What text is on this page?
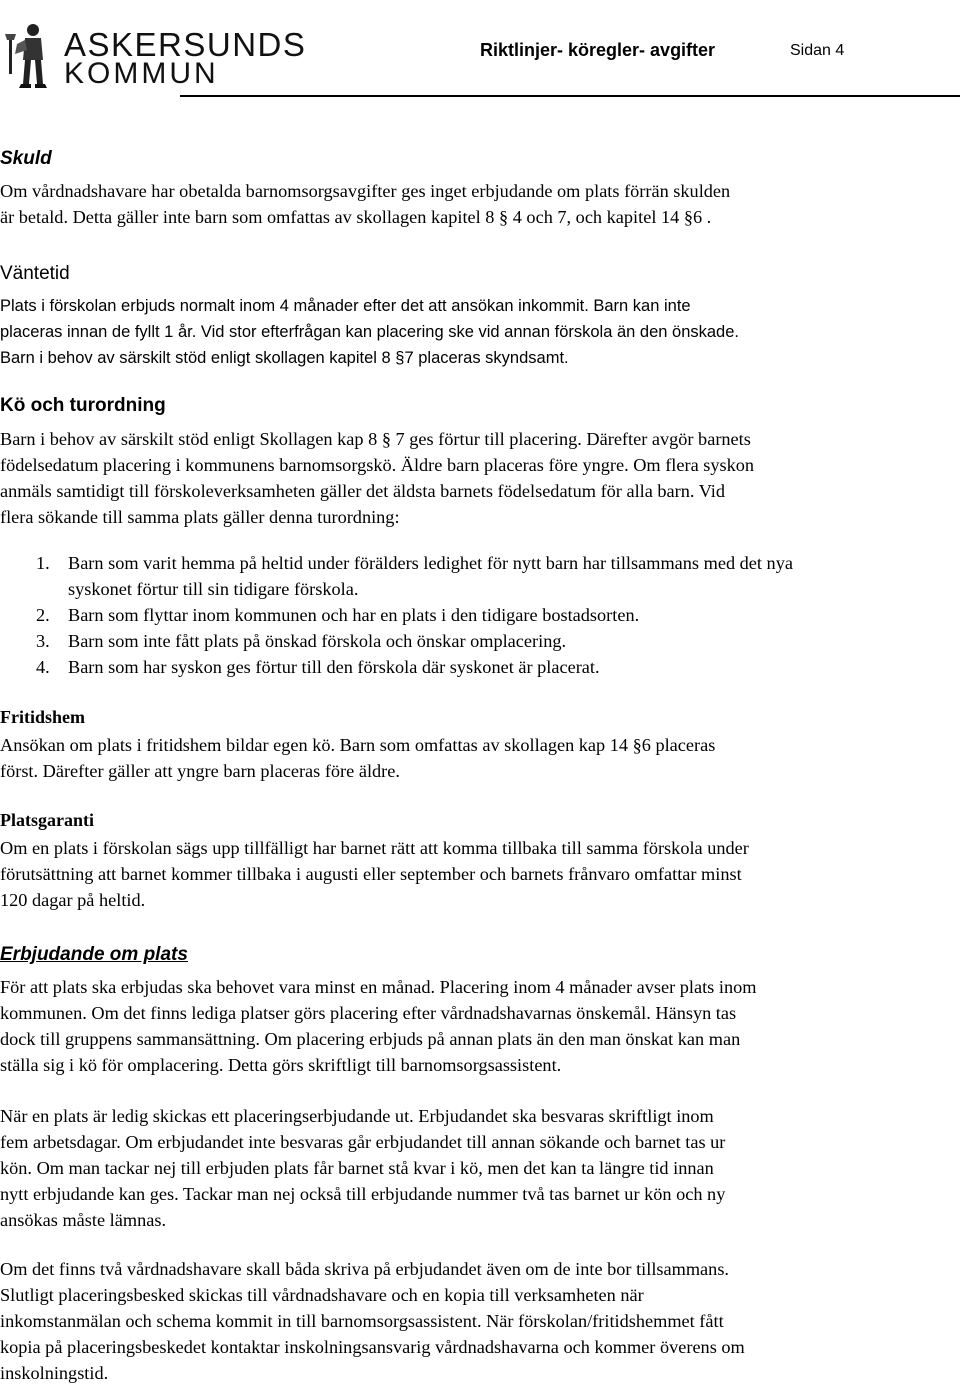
ASKERSUNDS
KOMMUN
Riktlinjer- köregler- avgifter	Sidan 4
Skuld
Om vårdnadshavare har obetalda barnomsorgsavgifter ges inget erbjudande om plats förrän skulden
är betald. Detta gäller inte barn som omfattas av skollagen kapitel 8 § 4 och 7, och kapitel 14 §6 .
Väntetid
Plats i förskolan erbjuds normalt inom 4 månader efter det att ansökan inkommit. Barn kan inte
placeras innan de fyllt 1 år. Vid stor efterfrågan kan placering ske vid annan förskola än den önskade.
Barn i behov av särskilt stöd enligt skollagen kapitel 8 §7 placeras skyndsamt.
Kö och turordning
Barn i behov av särskilt stöd enligt Skollagen kap 8 § 7 ges förtur till placering. Därefter avgör barnets
födelsedatum placering i kommunens barnomsorgskö. Äldre barn placeras före yngre. Om flera syskon
anmäls samtidigt till förskoleverksamheten gäller det äldsta barnets födelsedatum för alla barn. Vid
flera sökande till samma plats gäller denna turordning:
1. Barn som varit hemma på heltid under förälders ledighet för nytt barn har tillsammans med det nya
syskonet förtur till sin tidigare förskola.
2. Barn som flyttar inom kommunen och har en plats i den tidigare bostadsorten.
3. Barn som inte fått plats på önskad förskola och önskar omplacering.
4. Barn som har syskon ges förtur till den förskola där syskonet är placerat.
Fritidshem
Ansökan om plats i fritidshem bildar egen kö. Barn som omfattas av skollagen kap 14 §6 placeras
först. Därefter gäller att yngre barn placeras före äldre.
Platsgaranti
Om en plats i förskolan sägs upp tillfälligt har barnet rätt att komma tillbaka till samma förskola under
förutsättning att barnet kommer tillbaka i augusti eller september och barnets frånvaro omfattar minst
120 dagar på heltid.
Erbjudande om plats
För att plats ska erbjudas ska behovet vara minst en månad. Placering inom 4 månader avser plats inom
kommunen. Om det finns lediga platser görs placering efter vårdnadshavarnas önskemål. Hänsyn tas
dock till gruppens sammansättning. Om placering erbjuds på annan plats än den man önskat kan man
ställa sig i kö för omplacering. Detta görs skriftligt till barnomsorgsassistent.
När en plats är ledig skickas ett placeringserbjudande ut. Erbjudandet ska besvaras skriftligt inom
fem arbetsdagar. Om erbjudandet inte besvaras går erbjudandet till annan sökande och barnet tas ur
kön. Om man tackar nej till erbjuden plats får barnet stå kvar i kö, men det kan ta längre tid innan
nytt erbjudande kan ges. Tackar man nej också till erbjudande nummer två tas barnet ur kön och ny
ansökas måste lämnas.
Om det finns två vårdnadshavare skall båda skriva på erbjudandet även om de inte bor tillsammans.
Slutligt placeringsbesked skickas till vårdnadshavare och en kopia till verksamheten när
inkomstanmälan och schema kommit in till barnomsorgsassistent. När förskolan/fritidshemmet fått
kopia på placeringsbeskedet kontaktar inskolningsansvarig vårdnadshavarna och kommer överens om
inskolningstid.
